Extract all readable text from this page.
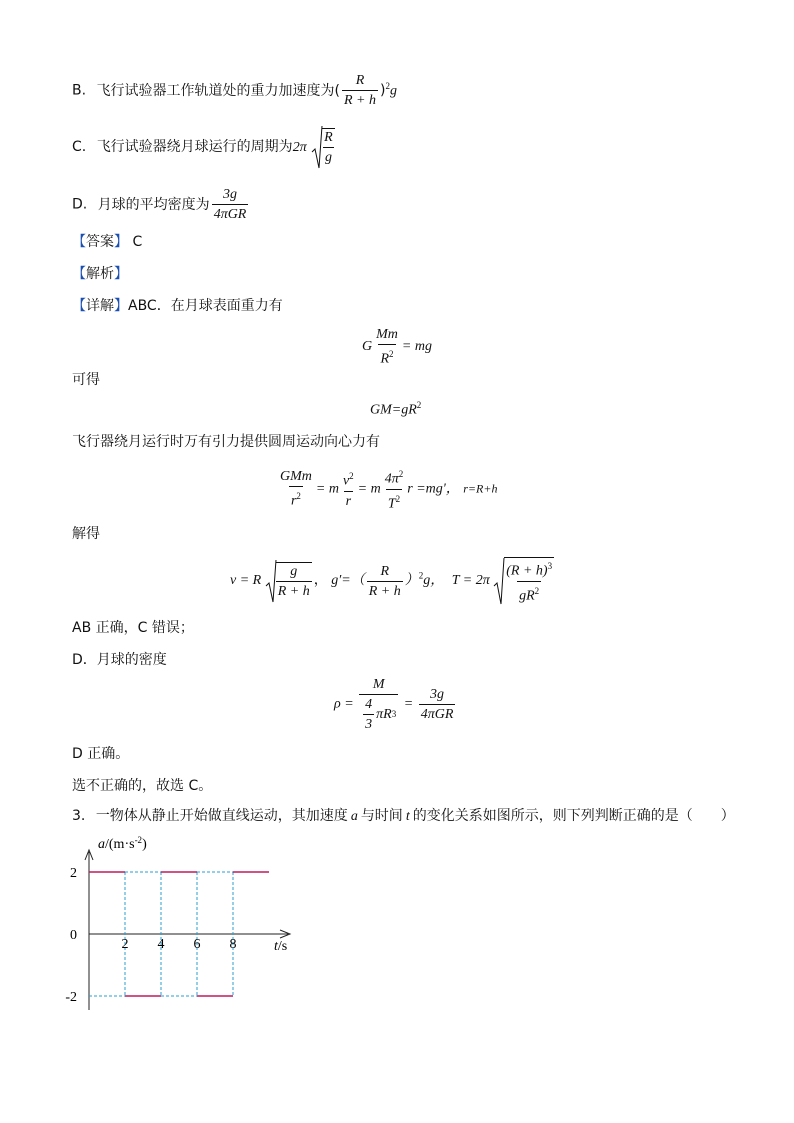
B. 飞行试验器工作轨道处的重力加速度为( $\frac{R}{R + h} )^2g$
C. 飞行试验器绕月球运行的周期为$2\pi \frac{R}{g}$
D. 月球的平均密度为 $\frac{3g}{\text{4πGR}}$
【答案】 C
【解析】
【详解】ABC．在月球表面重力有
G $\frac{Mm}{R^2}$ = mg
可得
$GM=gR^2$
飞行器绕月运行时万有引力提供圆周运动向心力有
$\frac{\text{GMm}}{r^2} = m \frac{v^2}{r} = m \frac{4\pi^2}{T^2}$ r =mg'， r=R+h
解得
v = R $\frac{g}{R + h}$ ， $g'=( \frac{R}{R + h} )^2g$， $T = 2\pi \frac{(R + h)^3}{gR^2}$
AB 正确，C 错误；
D．月球的密度
$\rho = \frac{M}{\frac{4}{3} \pi R 3} = \frac{3g}{\text{4πGR}}$
D 正确。
选不正确的，故选 C。
3. 一物体从静止开始做直线运动，其加速度 a 与时间 t 的变化关系如图所示，则下列判断正确的是（　　）
$a/(m\cdot s^{-2})$
2
0
-2
2 4 6 8	t/s
